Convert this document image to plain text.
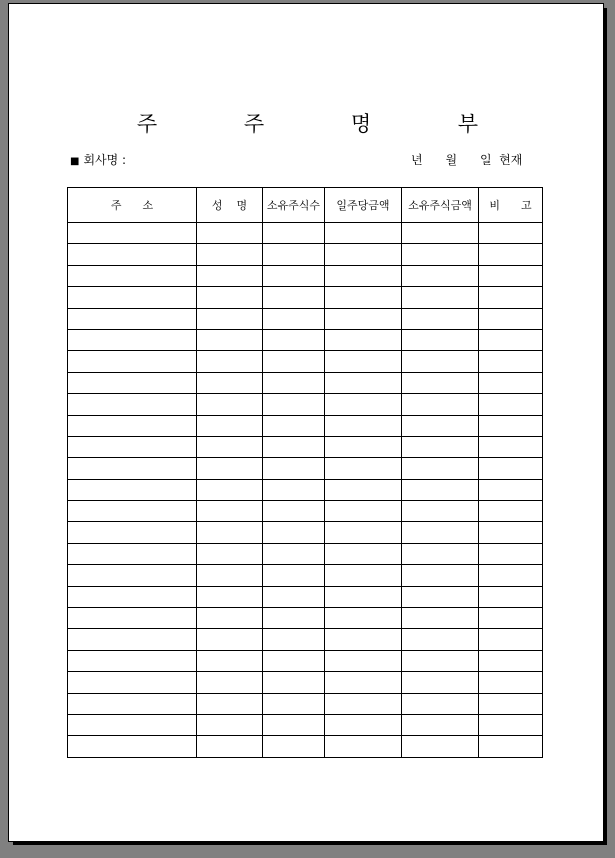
주 주 명 부
■ 회사명 :	년      월      일  현재
주      소	성    명	소유주식수	일주당금액	소유주식금액	비      고
